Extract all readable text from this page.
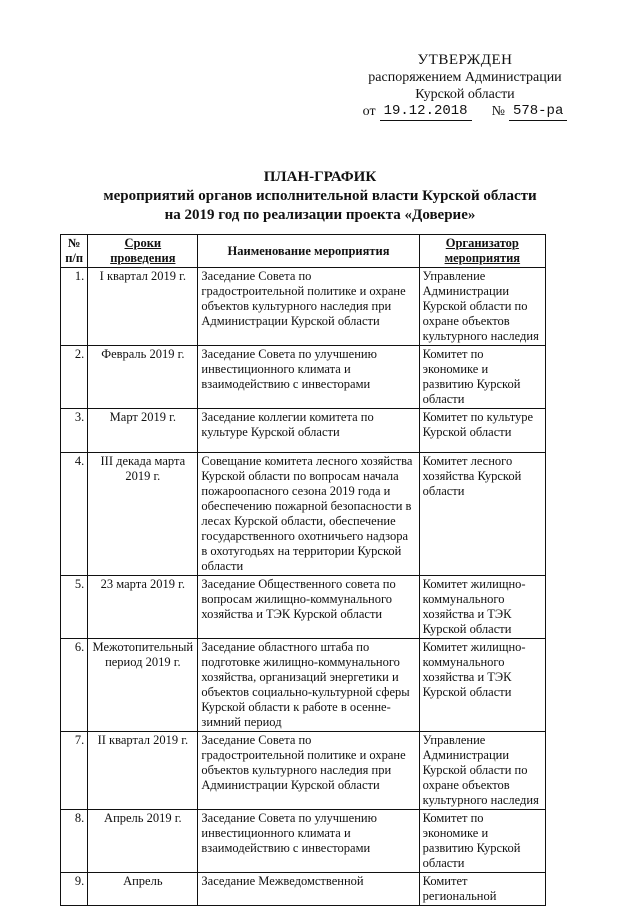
УТВЕРЖДЕН
распоряжением Администрации
Курской области
от 19.12.2018 № 578-ра
ПЛАН-ГРАФИК
мероприятий органов исполнительной власти Курской области
на 2019 год по реализации проекта «Доверие»
№ п/п	Сроки проведения	Наименование мероприятия	Организатор мероприятия
1.	I квартал 2019 г.	Заседание Совета по градостроительной политике и охране объектов культурного наследия при Администрации Курской области	Управление Администрации Курской области по охране объектов культурного наследия
2.	Февраль 2019 г.	Заседание Совета по улучшению инвестиционного климата и взаимодействию с инвесторами	Комитет по экономике и развитию Курской области
3.	Март 2019 г.	Заседание коллегии комитета по культуре Курской области	Комитет по культуре Курской области
4.	III декада марта 2019 г.	Совещание комитета лесного хозяйства Курской области по вопросам начала пожароопасного сезона 2019 года и обеспечению пожарной безопасности в лесах Курской области, обеспечение государственного охотничьего надзора в охотугодьях на территории Курской области	Комитет лесного хозяйства Курской области
5.	23 марта 2019 г.	Заседание Общественного совета по вопросам жилищно-коммунального хозяйства и ТЭК Курской области	Комитет жилищно-коммунального хозяйства и ТЭК Курской области
6.	Межотопительный период 2019 г.	Заседание областного штаба по подготовке жилищно-коммунального хозяйства, организаций энергетики и объектов социально-культурной сферы Курской области к работе в осенне-зимний период	Комитет жилищно-коммунального хозяйства и ТЭК Курской области
7.	II квартал 2019 г.	Заседание Совета по градостроительной политике и охране объектов культурного наследия при Администрации Курской области	Управление Администрации Курской области по охране объектов культурного наследия
8.	Апрель 2019 г.	Заседание Совета по улучшению инвестиционного климата и взаимодействию с инвесторами	Комитет по экономике и развитию Курской области
9.	Апрель	Заседание Межведомственной	Комитет региональной
